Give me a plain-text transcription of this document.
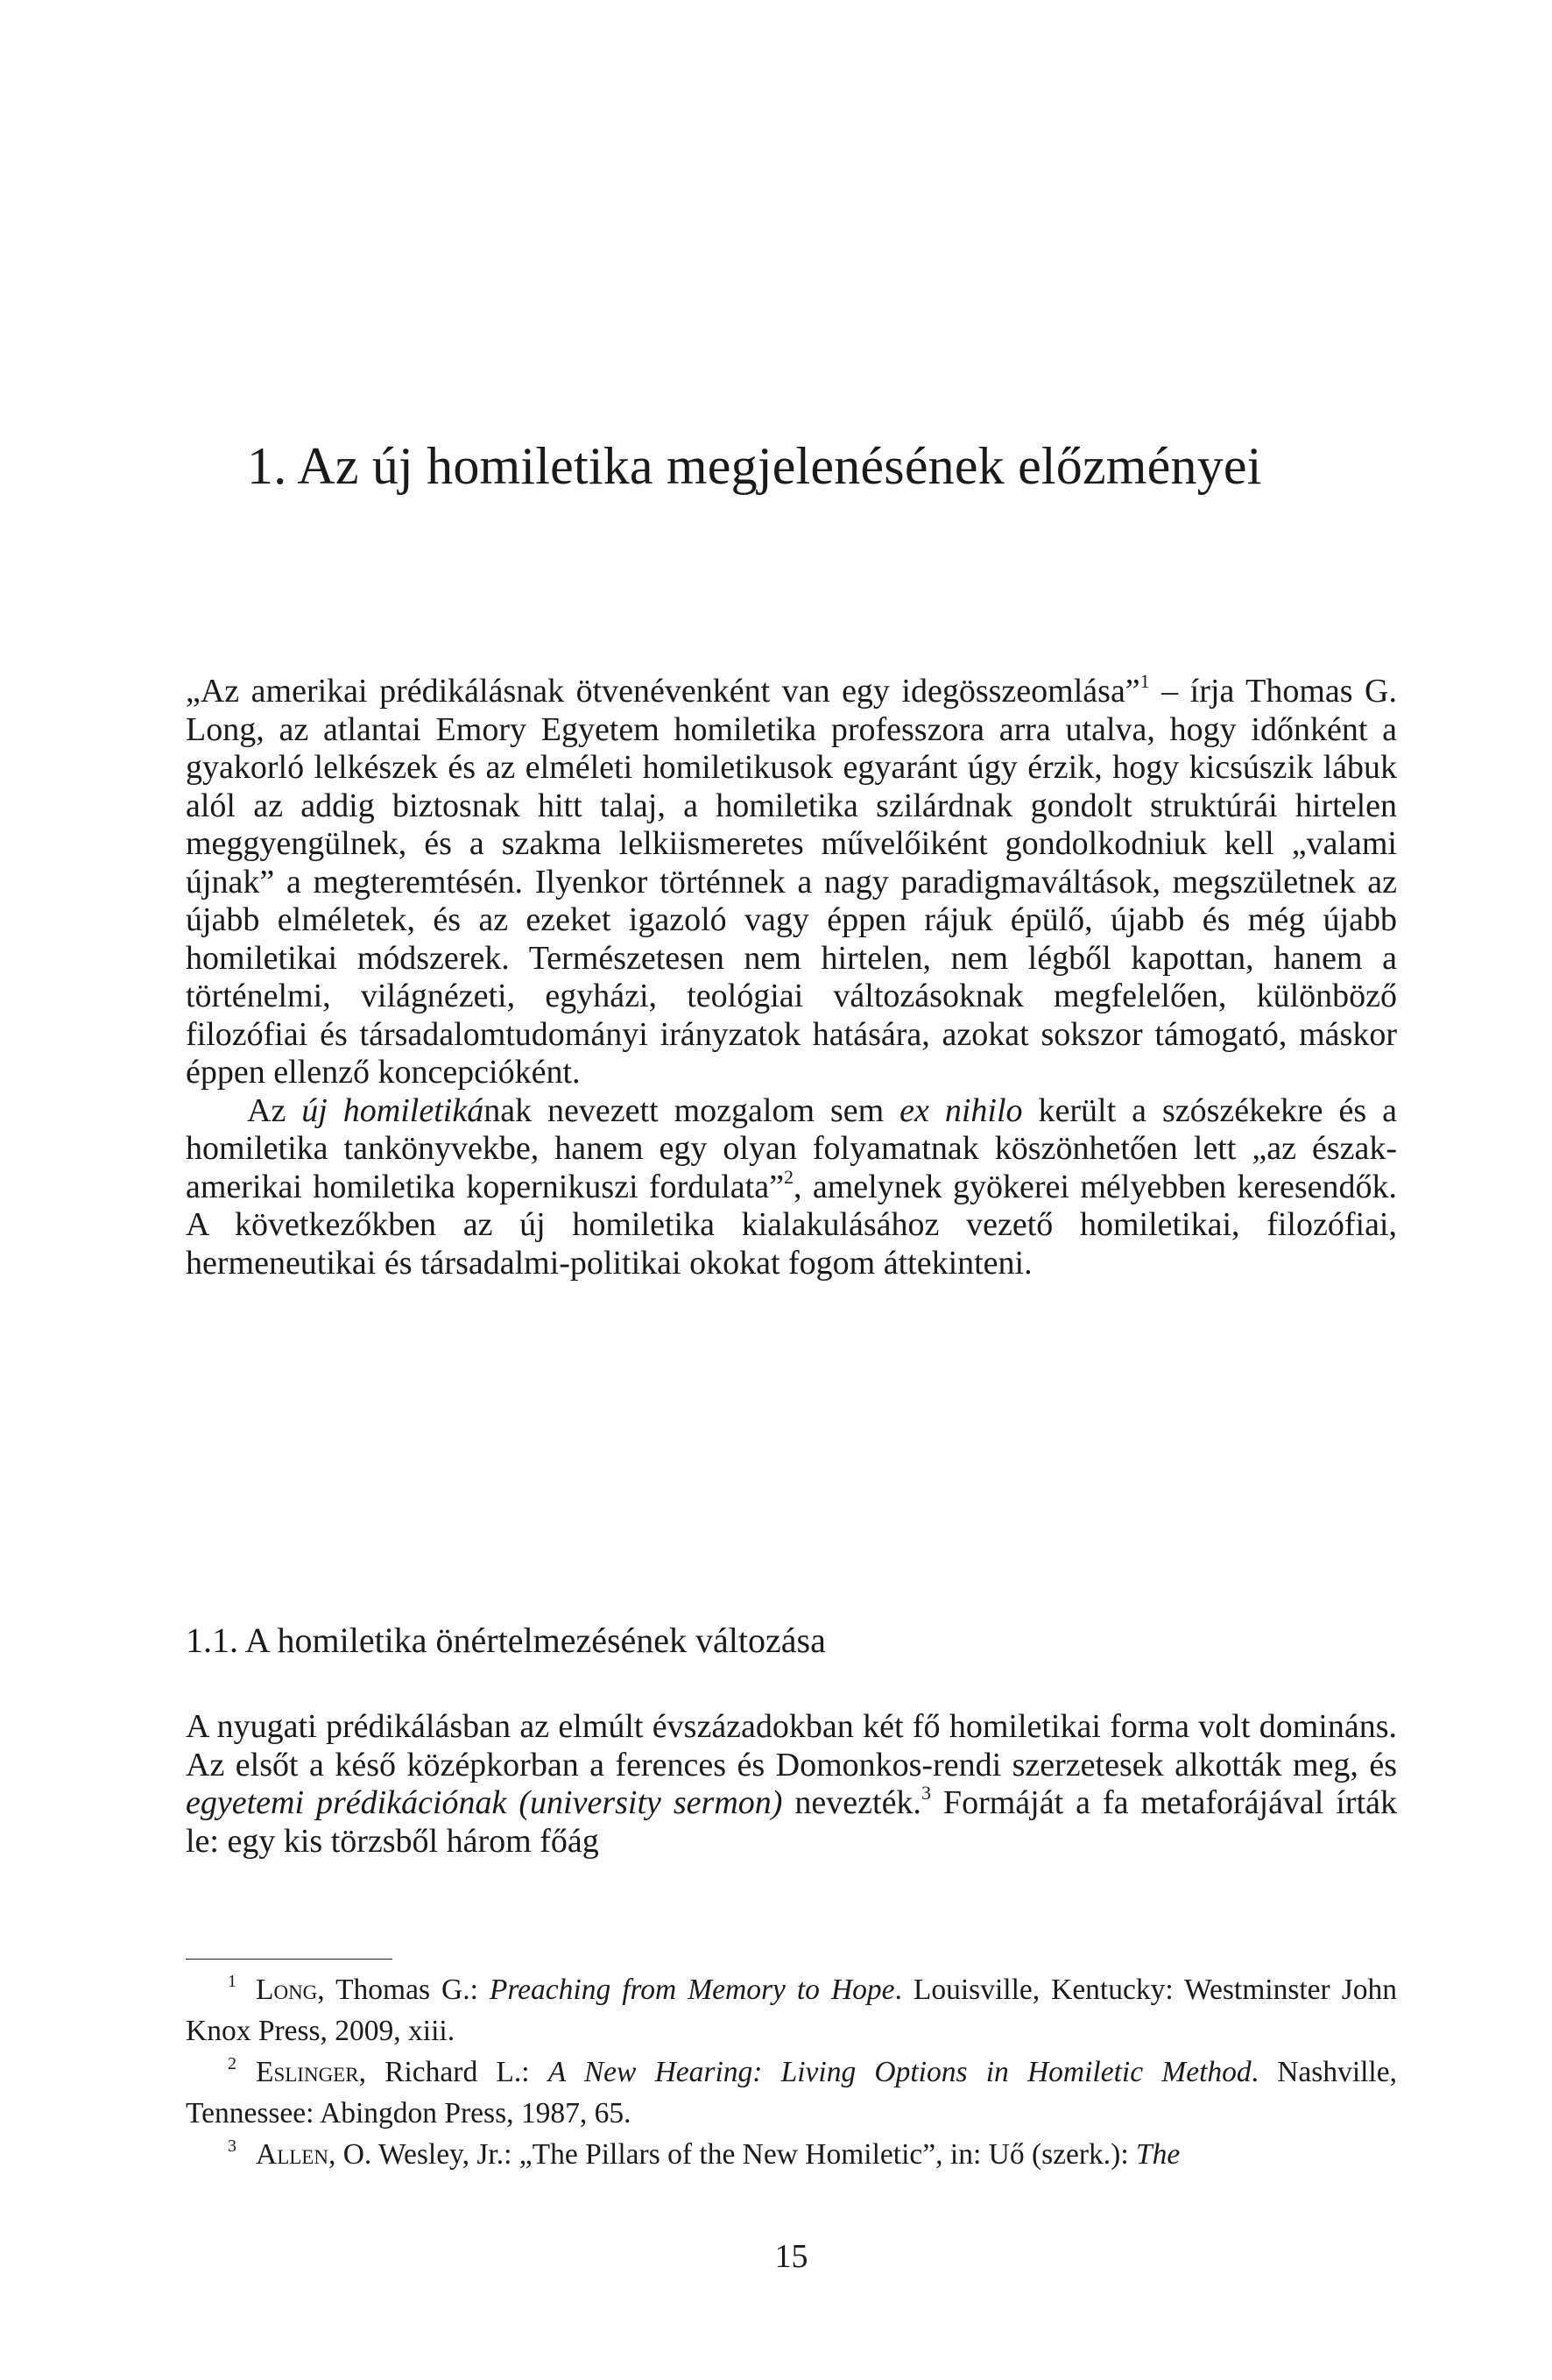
1. Az új homiletika megjelenésének előzményei

„Az amerikai prédikálásnak ötvenévenként van egy idegösszeomlása”$^1$ – írja Thomas G. Long, az atlantai Emory Egyetem homiletika professzora arra utalva, hogy időnként a gyakorló lelkészek és az elméleti homiletikusok egyaránt úgy érzik, hogy kicsúszik lábuk alól az addig biztosnak hitt talaj, a homiletika szilárdnak gondolt struktúrái hirtelen meggyengülnek, és a szakma lelkiismeretes művelőiként gondolkodniuk kell „valami újnak” a megteremtésén. Ilyenkor történnek a nagy paradigmaváltások, megszületnek az újabb elméletek, és az ezeket igazoló vagy éppen rájuk épülő, újabb és még újabb homiletikai módszerek. Természetesen nem hirtelen, nem légből kapottan, hanem a történelmi, világnézeti, egyházi, teológiai változásoknak megfelelően, különböző filozófiai és társadalomtudományi irányzatok hatására, azokat sokszor támogató, máskor éppen ellenző koncepcióként.

Az új homiletikának nevezett mozgalom sem ex nihilo került a szószékekre és a homiletika tankönyvekbe, hanem egy olyan folyamatnak köszönhetően lett „az észak-amerikai homiletika kopernikuszi fordulata”$^2$, amelynek gyökerei mélyebben keresendők. A következőkben az új homiletika kialakulásához vezető homiletikai, filozófiai, hermeneutikai és társadalmi-politikai okokat fogom áttekinteni.

1.1. A homiletika önértelmezésének változása

A nyugati prédikálásban az elmúlt évszázadokban két fő homiletikai forma volt domináns. Az elsőt a késő középkorban a ferences és Domonkos-rendi szerzetesek alkották meg, és egyetemi prédikációnak (university sermon) nevezték.$^3$ Formáját a fa metaforájával írták le: egy kis törzsből három főág

$^1$ Long, Thomas G.: Preaching from Memory to Hope. Louisville, Kentucky: Westminster John Knox Press, 2009, xiii.

$^2$ Eslinger, Richard L.: A New Hearing: Living Options in Homiletic Method. Nashville, Tennessee: Abingdon Press, 1987, 65.

$^3$ Allen, O. Wesley, Jr.: „The Pillars of the New Homiletic”, in: Uő (szerk.): The

15
